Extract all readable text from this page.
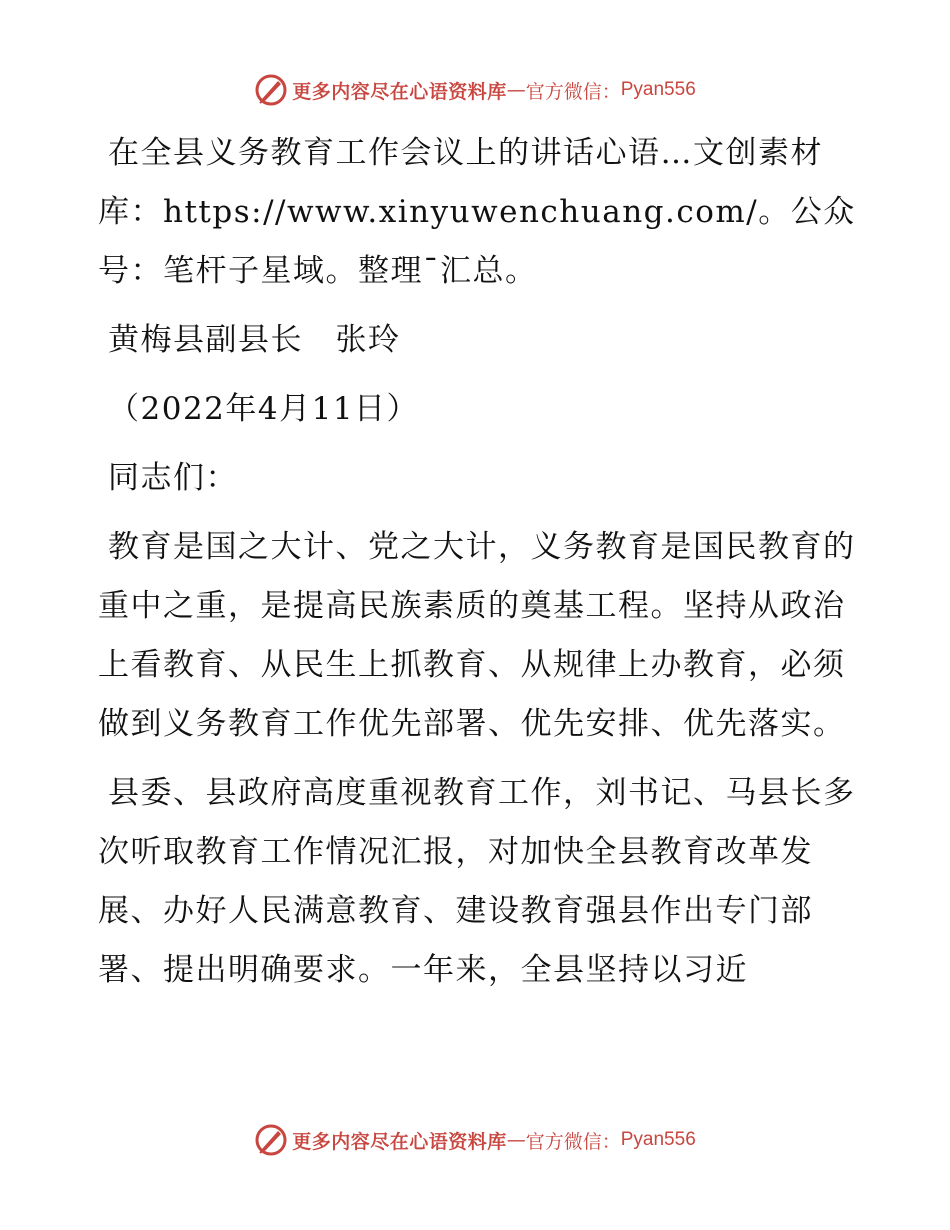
更多内容尽在心语资料库 — 官方微信： Pyan556

在全县义务教育工作会议上的讲话心语…文创素材库：https://www.xinyuwenchuang.com/。公众号：笔杆子星域。整理¯汇总。

黄梅县副县长　张玲

（2022年4月11日）

同志们：

教育是国之大计、党之大计，义务教育是国民教育的重中之重，是提高民族素质的奠基工程。坚持从政治上看教育、从民生上抓教育、从规律上办教育，必须做到义务教育工作优先部署、优先安排、优先落实。

县委、县政府高度重视教育工作，刘书记、马县长多次听取教育工作情况汇报，对加快全县教育改革发展、办好人民满意教育、建设教育强县作出专门部署、提出明确要求。一年来，全县坚持以习近

更多内容尽在心语资料库 — 官方微信： Pyan556
